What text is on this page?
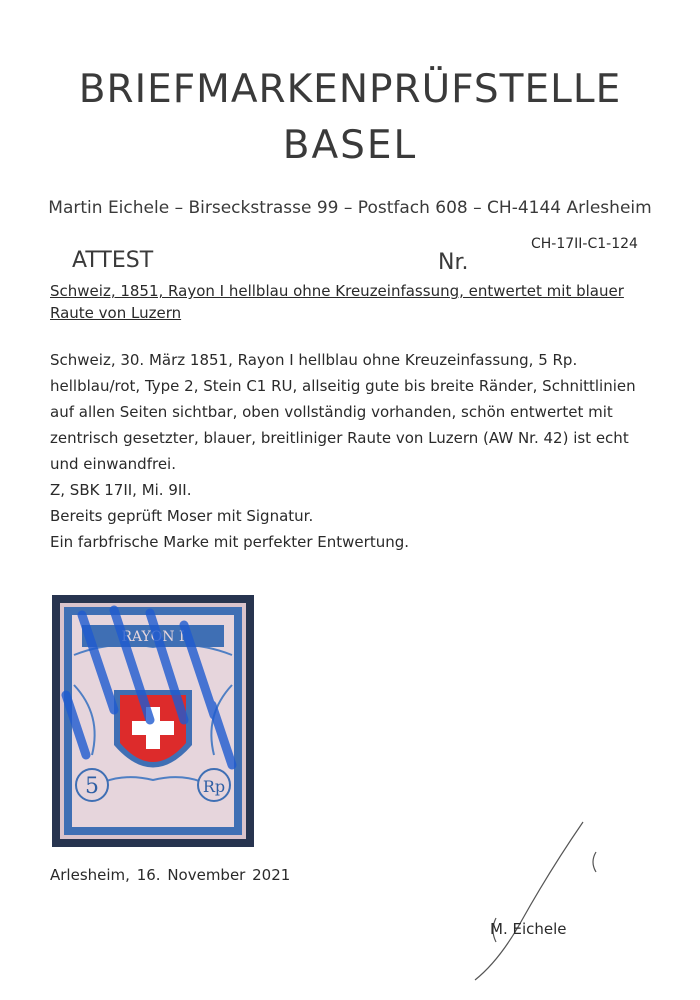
BRIEFMARKENPRÜFSTELLE
BASEL
Martin Eichele – Birseckstrasse 99 – Postfach 608 – CH-4144 Arlesheim
ATTEST	Nr.
CH-17II-C1-124
Schweiz, 1851, Rayon I hellblau ohne Kreuzeinfassung, entwertet mit blauer
Raute von Luzern

Schweiz, 30. März 1851, Rayon I hellblau ohne Kreuzeinfassung, 5 Rp.

hellblau/rot, Type 2, Stein C1 RU, allseitig gute bis breite Ränder, Schnittlinien

auf allen Seiten sichtbar, oben vollständig vorhanden, schön entwertet mit

zentrisch gesetzter, blauer, breitliniger Raute von Luzern (AW Nr. 42) ist echt

und einwandfrei.

Z, SBK 17II, Mi. 9II.

Bereits geprüft Moser mit Signatur.

Ein farbfrische Marke mit perfekter Entwertung.

RAYON I
5	Rp
Arlesheim, 16. November 2021
M. Eichele
